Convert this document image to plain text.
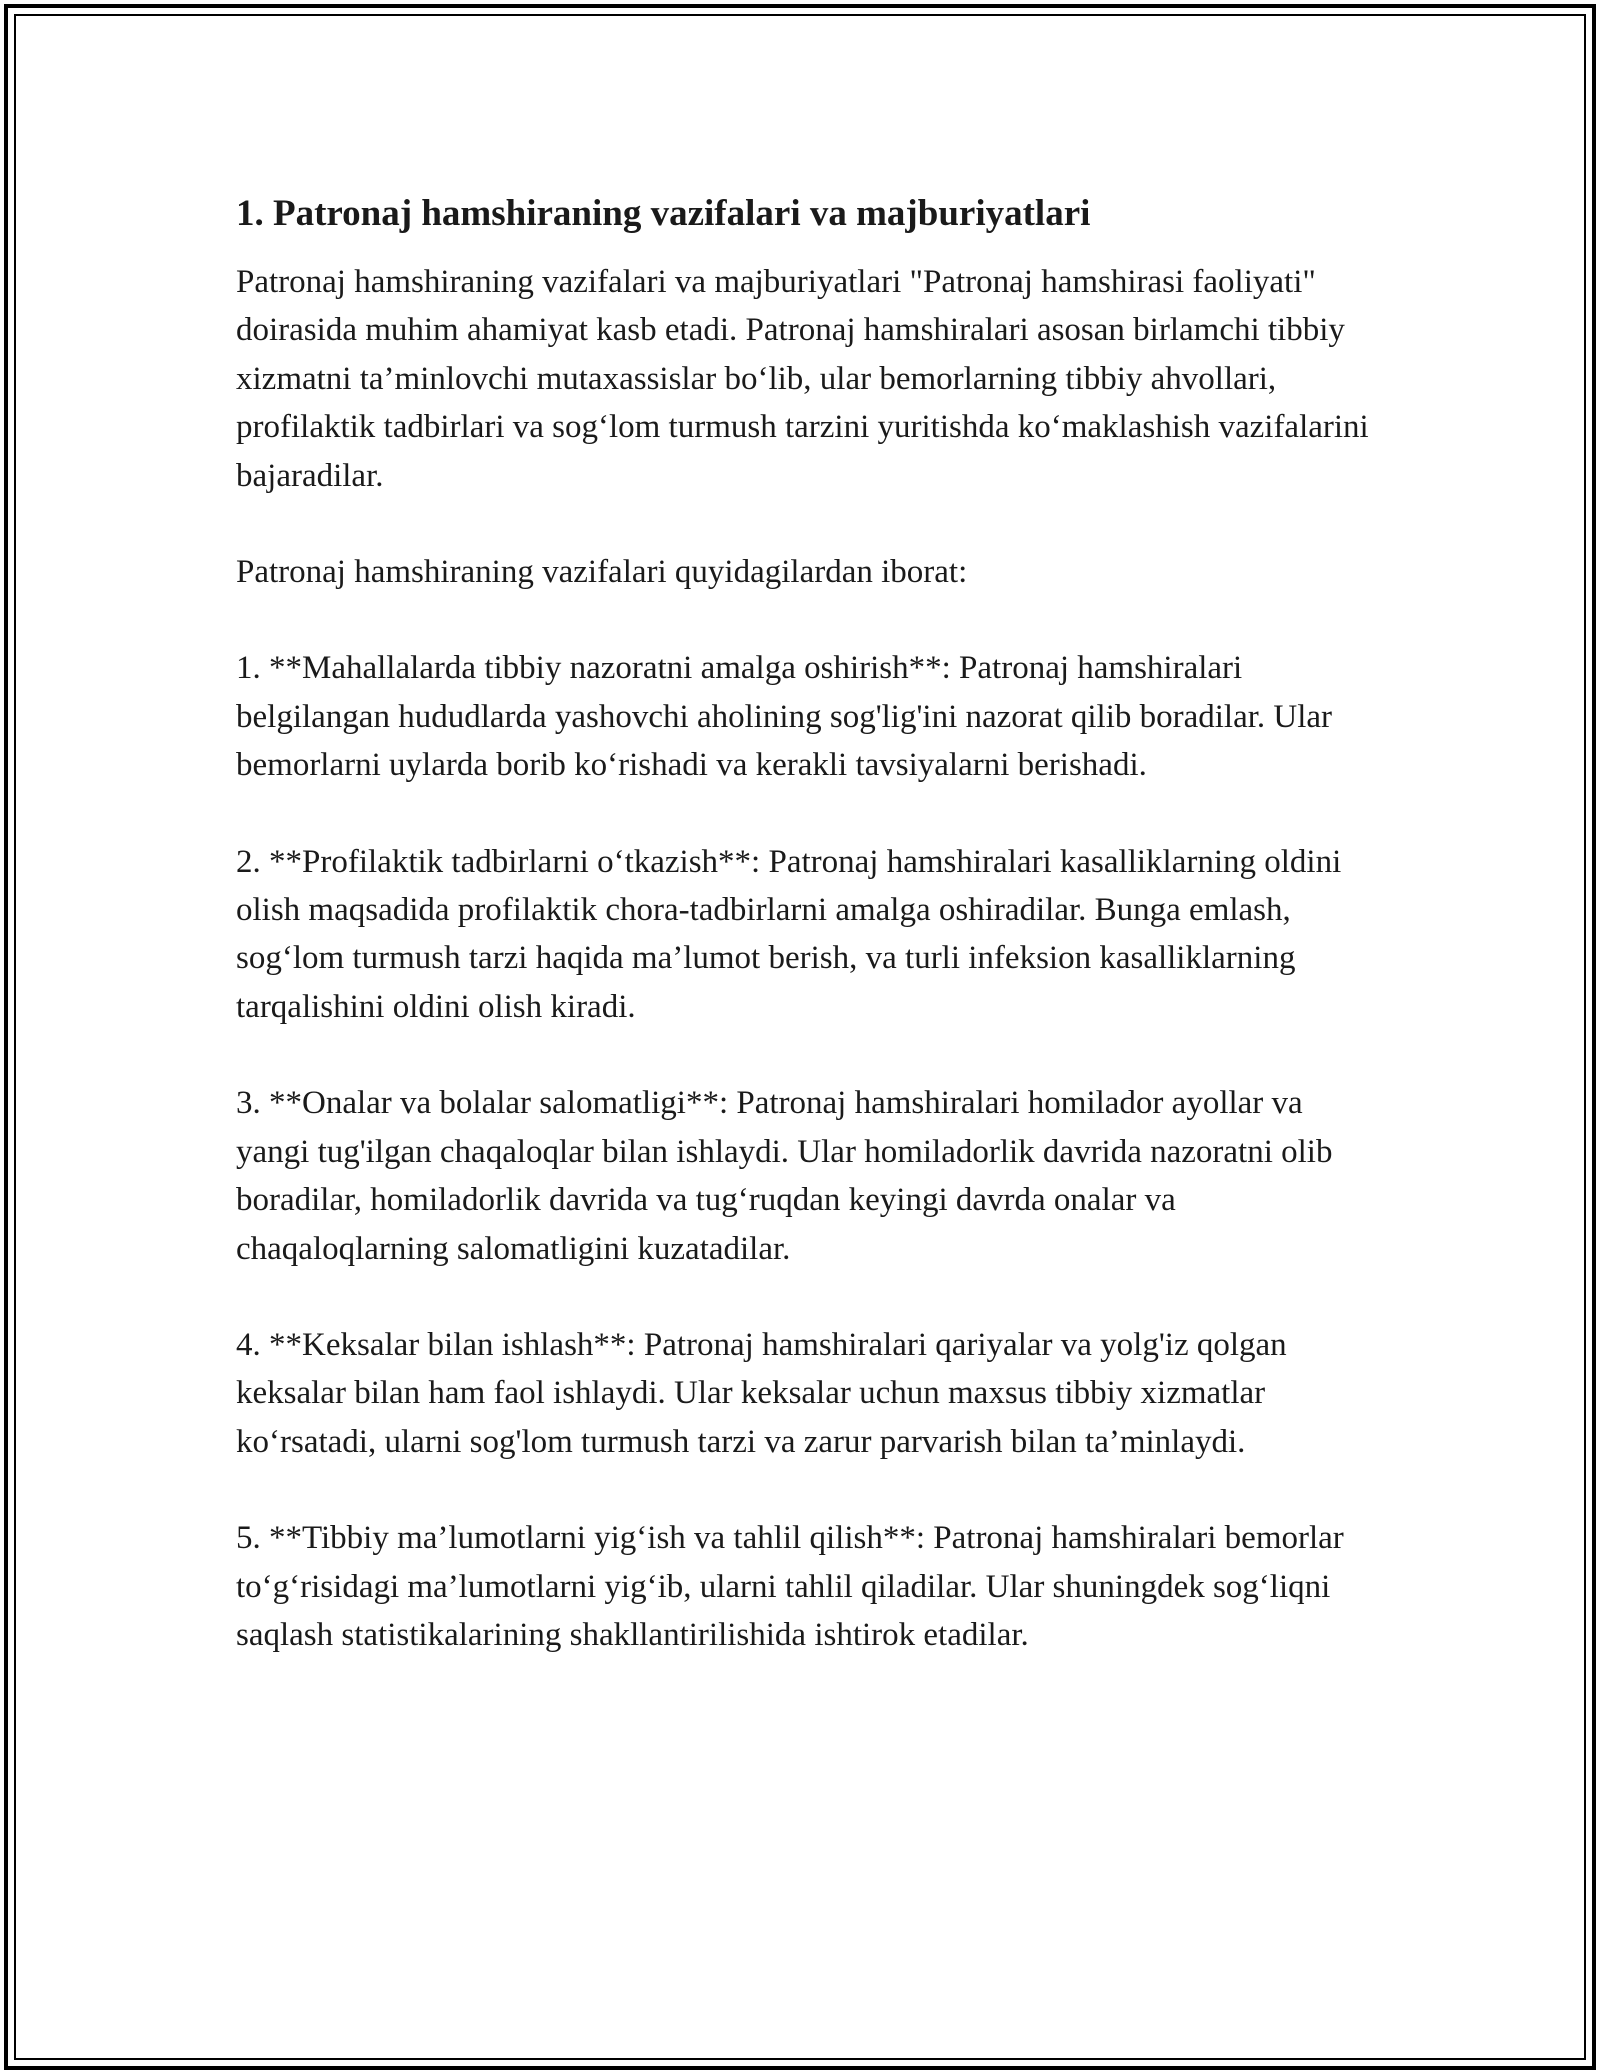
1. Patronaj hamshiraning vazifalari va majburiyatlari

Patronaj hamshiraning vazifalari va majburiyatlari "Patronaj hamshirasi faoliyati" doirasida muhim ahamiyat kasb etadi. Patronaj hamshiralari asosan birlamchi tibbiy xizmatni ta’minlovchi mutaxassislar bo‘lib, ular bemorlarning tibbiy ahvollari, profilaktik tadbirlari va sog‘lom turmush tarzini yuritishda ko‘maklashish vazifalarini bajaradilar.

Patronaj hamshiraning vazifalari quyidagilardan iborat:

1. **Mahallalarda tibbiy nazoratni amalga oshirish**: Patronaj hamshiralari belgilangan hududlarda yashovchi aholining sog'lig'ini nazorat qilib boradilar. Ular bemorlarni uylarda borib ko‘rishadi va kerakli tavsiyalarni berishadi.

2. **Profilaktik tadbirlarni o‘tkazish**: Patronaj hamshiralari kasalliklarning oldini olish maqsadida profilaktik chora-tadbirlarni amalga oshiradilar. Bunga emlash, sog‘lom turmush tarzi haqida ma’lumot berish, va turli infeksion kasalliklarning tarqalishini oldini olish kiradi.

3. **Onalar va bolalar salomatligi**: Patronaj hamshiralari homilador ayollar va yangi tug'ilgan chaqaloqlar bilan ishlaydi. Ular homiladorlik davrida nazoratni olib boradilar, homiladorlik davrida va tug‘ruqdan keyingi davrda onalar va chaqaloqlarning salomatligini kuzatadilar.

4. **Keksalar bilan ishlash**: Patronaj hamshiralari qariyalar va yolg'iz qolgan keksalar bilan ham faol ishlaydi. Ular keksalar uchun maxsus tibbiy xizmatlar ko‘rsatadi, ularni sog'lom turmush tarzi va zarur parvarish bilan ta’minlaydi.

5. **Tibbiy ma’lumotlarni yig‘ish va tahlil qilish**: Patronaj hamshiralari bemorlar to‘g‘risidagi ma’lumotlarni yig‘ib, ularni tahlil qiladilar. Ular shuningdek sog‘liqni saqlash statistikalarining shakllantirilishida ishtirok etadilar.
